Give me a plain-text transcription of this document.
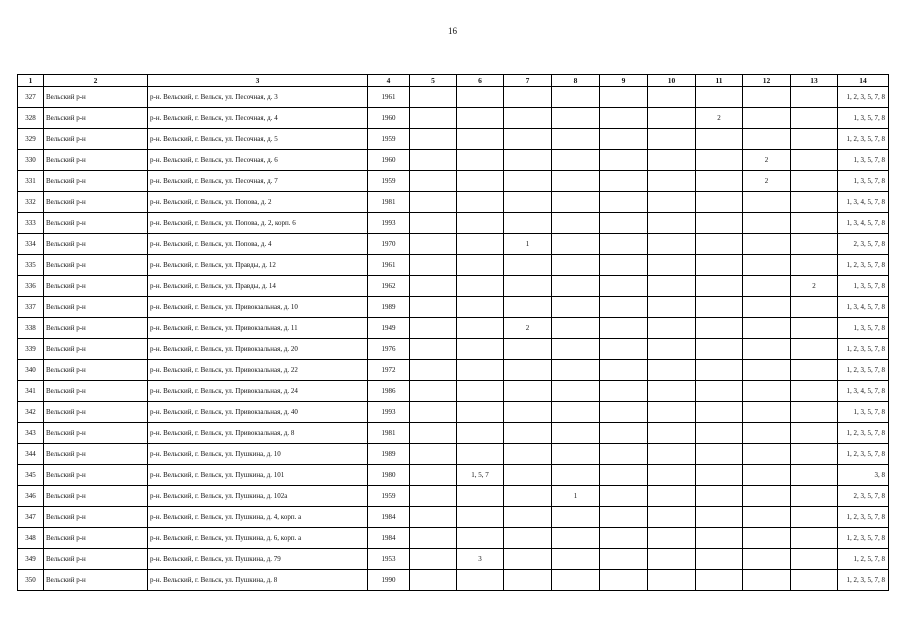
16
1	2	3	4	5	6	7	8	9	10	11	12	13	14
327	Вельский р-н	р-н. Вельский, г. Вельск, ул. Песочная, д. 3	1961										1, 2, 3, 5, 7, 8
328	Вельский р-н	р-н. Вельский, г. Вельск, ул. Песочная, д. 4	1960							2			1, 3, 5, 7, 8
329	Вельский р-н	р-н. Вельский, г. Вельск, ул. Песочная, д. 5	1959										1, 2, 3, 5, 7, 8
330	Вельский р-н	р-н. Вельский, г. Вельск, ул. Песочная, д. 6	1960								2		1, 3, 5, 7, 8
331	Вельский р-н	р-н. Вельский, г. Вельск, ул. Песочная, д. 7	1959								2		1, 3, 5, 7, 8
332	Вельский р-н	р-н. Вельский, г. Вельск, ул. Попова, д. 2	1981										1, 3, 4, 5, 7, 8
333	Вельский р-н	р-н. Вельский, г. Вельск, ул. Попова, д. 2, корп. 6	1993										1, 3, 4, 5, 7, 8
334	Вельский р-н	р-н. Вельский, г. Вельск, ул. Попова, д. 4	1970			1							2, 3, 5, 7, 8
335	Вельский р-н	р-н. Вельский, г. Вельск, ул. Правды, д. 12	1961										1, 2, 3, 5, 7, 8
336	Вельский р-н	р-н. Вельский, г. Вельск, ул. Правды, д. 14	1962									2	1, 3, 5, 7, 8
337	Вельский р-н	р-н. Вельский, г. Вельск, ул. Привокзальная, д. 10	1989										1, 3, 4, 5, 7, 8
338	Вельский р-н	р-н. Вельский, г. Вельск, ул. Привокзальная, д. 11	1949			2							1, 3, 5, 7, 8
339	Вельский р-н	р-н. Вельский, г. Вельск, ул. Привокзальная, д. 20	1976										1, 2, 3, 5, 7, 8
340	Вельский р-н	р-н. Вельский, г. Вельск, ул. Привокзальная, д. 22	1972										1, 2, 3, 5, 7, 8
341	Вельский р-н	р-н. Вельский, г. Вельск, ул. Привокзальная, д. 24	1986										1, 3, 4, 5, 7, 8
342	Вельский р-н	р-н. Вельский, г. Вельск, ул. Привокзальная, д. 40	1993										1, 3, 5, 7, 8
343	Вельский р-н	р-н. Вельский, г. Вельск, ул. Привокзальная, д. 8	1981										1, 2, 3, 5, 7, 8
344	Вельский р-н	р-н. Вельский, г. Вельск, ул. Пушкина, д. 10	1989										1, 2, 3, 5, 7, 8
345	Вельский р-н	р-н. Вельский, г. Вельск, ул. Пушкина, д. 101	1980		1, 5, 7								3, 8
346	Вельский р-н	р-н. Вельский, г. Вельск, ул. Пушкина, д. 102а	1959				1						2, 3, 5, 7, 8
347	Вельский р-н	р-н. Вельский, г. Вельск, ул. Пушкина, д. 4, корп. а	1984										1, 2, 3, 5, 7, 8
348	Вельский р-н	р-н. Вельский, г. Вельск, ул. Пушкина, д. 6, корп. а	1984										1, 2, 3, 5, 7, 8
349	Вельский р-н	р-н. Вельский, г. Вельск, ул. Пушкина, д. 79	1953		3								1, 2, 5, 7, 8
350	Вельский р-н	р-н. Вельский, г. Вельск, ул. Пушкина, д. 8	1990										1, 2, 3, 5, 7, 8
